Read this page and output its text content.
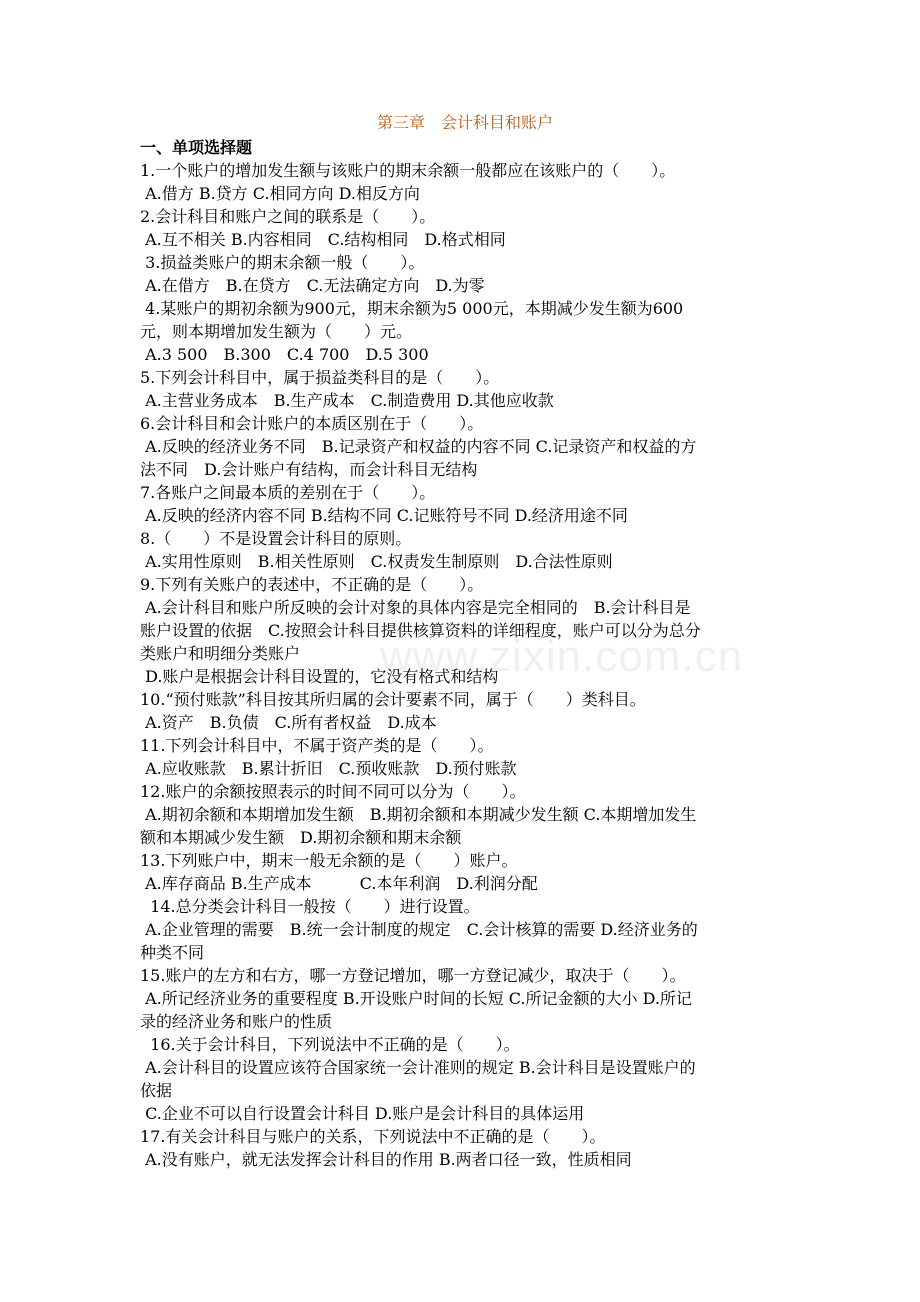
www.zixin.com.cn
第三章　会计科目和账户
一、单项选择题
1.一个账户的增加发生额与该账户的期末余额一般都应在该账户的（　　）。
A.借方 B.贷方 C.相同方向 D.相反方向
2.会计科目和账户之间的联系是（　　）。
A.互不相关 B.内容相同　C.结构相同　D.格式相同
3.损益类账户的期末余额一般（　　）。
A.在借方　B.在贷方　C.无法确定方向　D.为零
4.某账户的期初余额为900元，期末余额为5 000元，本期减少发生额为600
元，则本期增加发生额为（　　）元。
A.3 500　B.300　C.4 700　D.5 300
5.下列会计科目中，属于损益类科目的是（　　）。
A.主营业务成本　B.生产成本　C.制造费用 D.其他应收款
6.会计科目和会计账户的本质区别在于（　　）。
A.反映的经济业务不同　B.记录资产和权益的内容不同 C.记录资产和权益的方
法不同　D.会计账户有结构，而会计科目无结构
7.各账户之间最本质的差别在于（　　）。
A.反映的经济内容不同 B.结构不同 C.记账符号不同 D.经济用途不同
8.（　　）不是设置会计科目的原则。
A.实用性原则　B.相关性原则　C.权责发生制原则　D.合法性原则
9.下列有关账户的表述中，不正确的是（　　）。
A.会计科目和账户所反映的会计对象的具体内容是完全相同的　B.会计科目是
账户设置的依据　C.按照会计科目提供核算资料的详细程度，账户可以分为总分
类账户和明细分类账户
D.账户是根据会计科目设置的，它没有格式和结构
10.“预付账款”科目按其所归属的会计要素不同，属于（　　）类科目。
A.资产　B.负债　C.所有者权益　D.成本
11.下列会计科目中，不属于资产类的是（　　）。
A.应收账款　B.累计折旧　C.预收账款　D.预付账款
12.账户的余额按照表示的时间不同可以分为（　　）。
A.期初余额和本期增加发生额　B.期初余额和本期减少发生额 C.本期增加发生
额和本期减少发生额　D.期初余额和期末余额
13.下列账户中，期末一般无余额的是（　　）账户。
A.库存商品 B.生产成本　　　C.本年利润　D.利润分配
14.总分类会计科目一般按（　　）进行设置。
A.企业管理的需要　B.统一会计制度的规定　C.会计核算的需要 D.经济业务的
种类不同
15.账户的左方和右方，哪一方登记增加，哪一方登记减少，取决于（　　）。
A.所记经济业务的重要程度 B.开设账户时间的长短 C.所记金额的大小 D.所记
录的经济业务和账户的性质
16.关于会计科目，下列说法中不正确的是（　　）。
A.会计科目的设置应该符合国家统一会计准则的规定 B.会计科目是设置账户的
依据
C.企业不可以自行设置会计科目 D.账户是会计科目的具体运用
17.有关会计科目与账户的关系，下列说法中不正确的是（　　）。
A.没有账户，就无法发挥会计科目的作用 B.两者口径一致，性质相同
